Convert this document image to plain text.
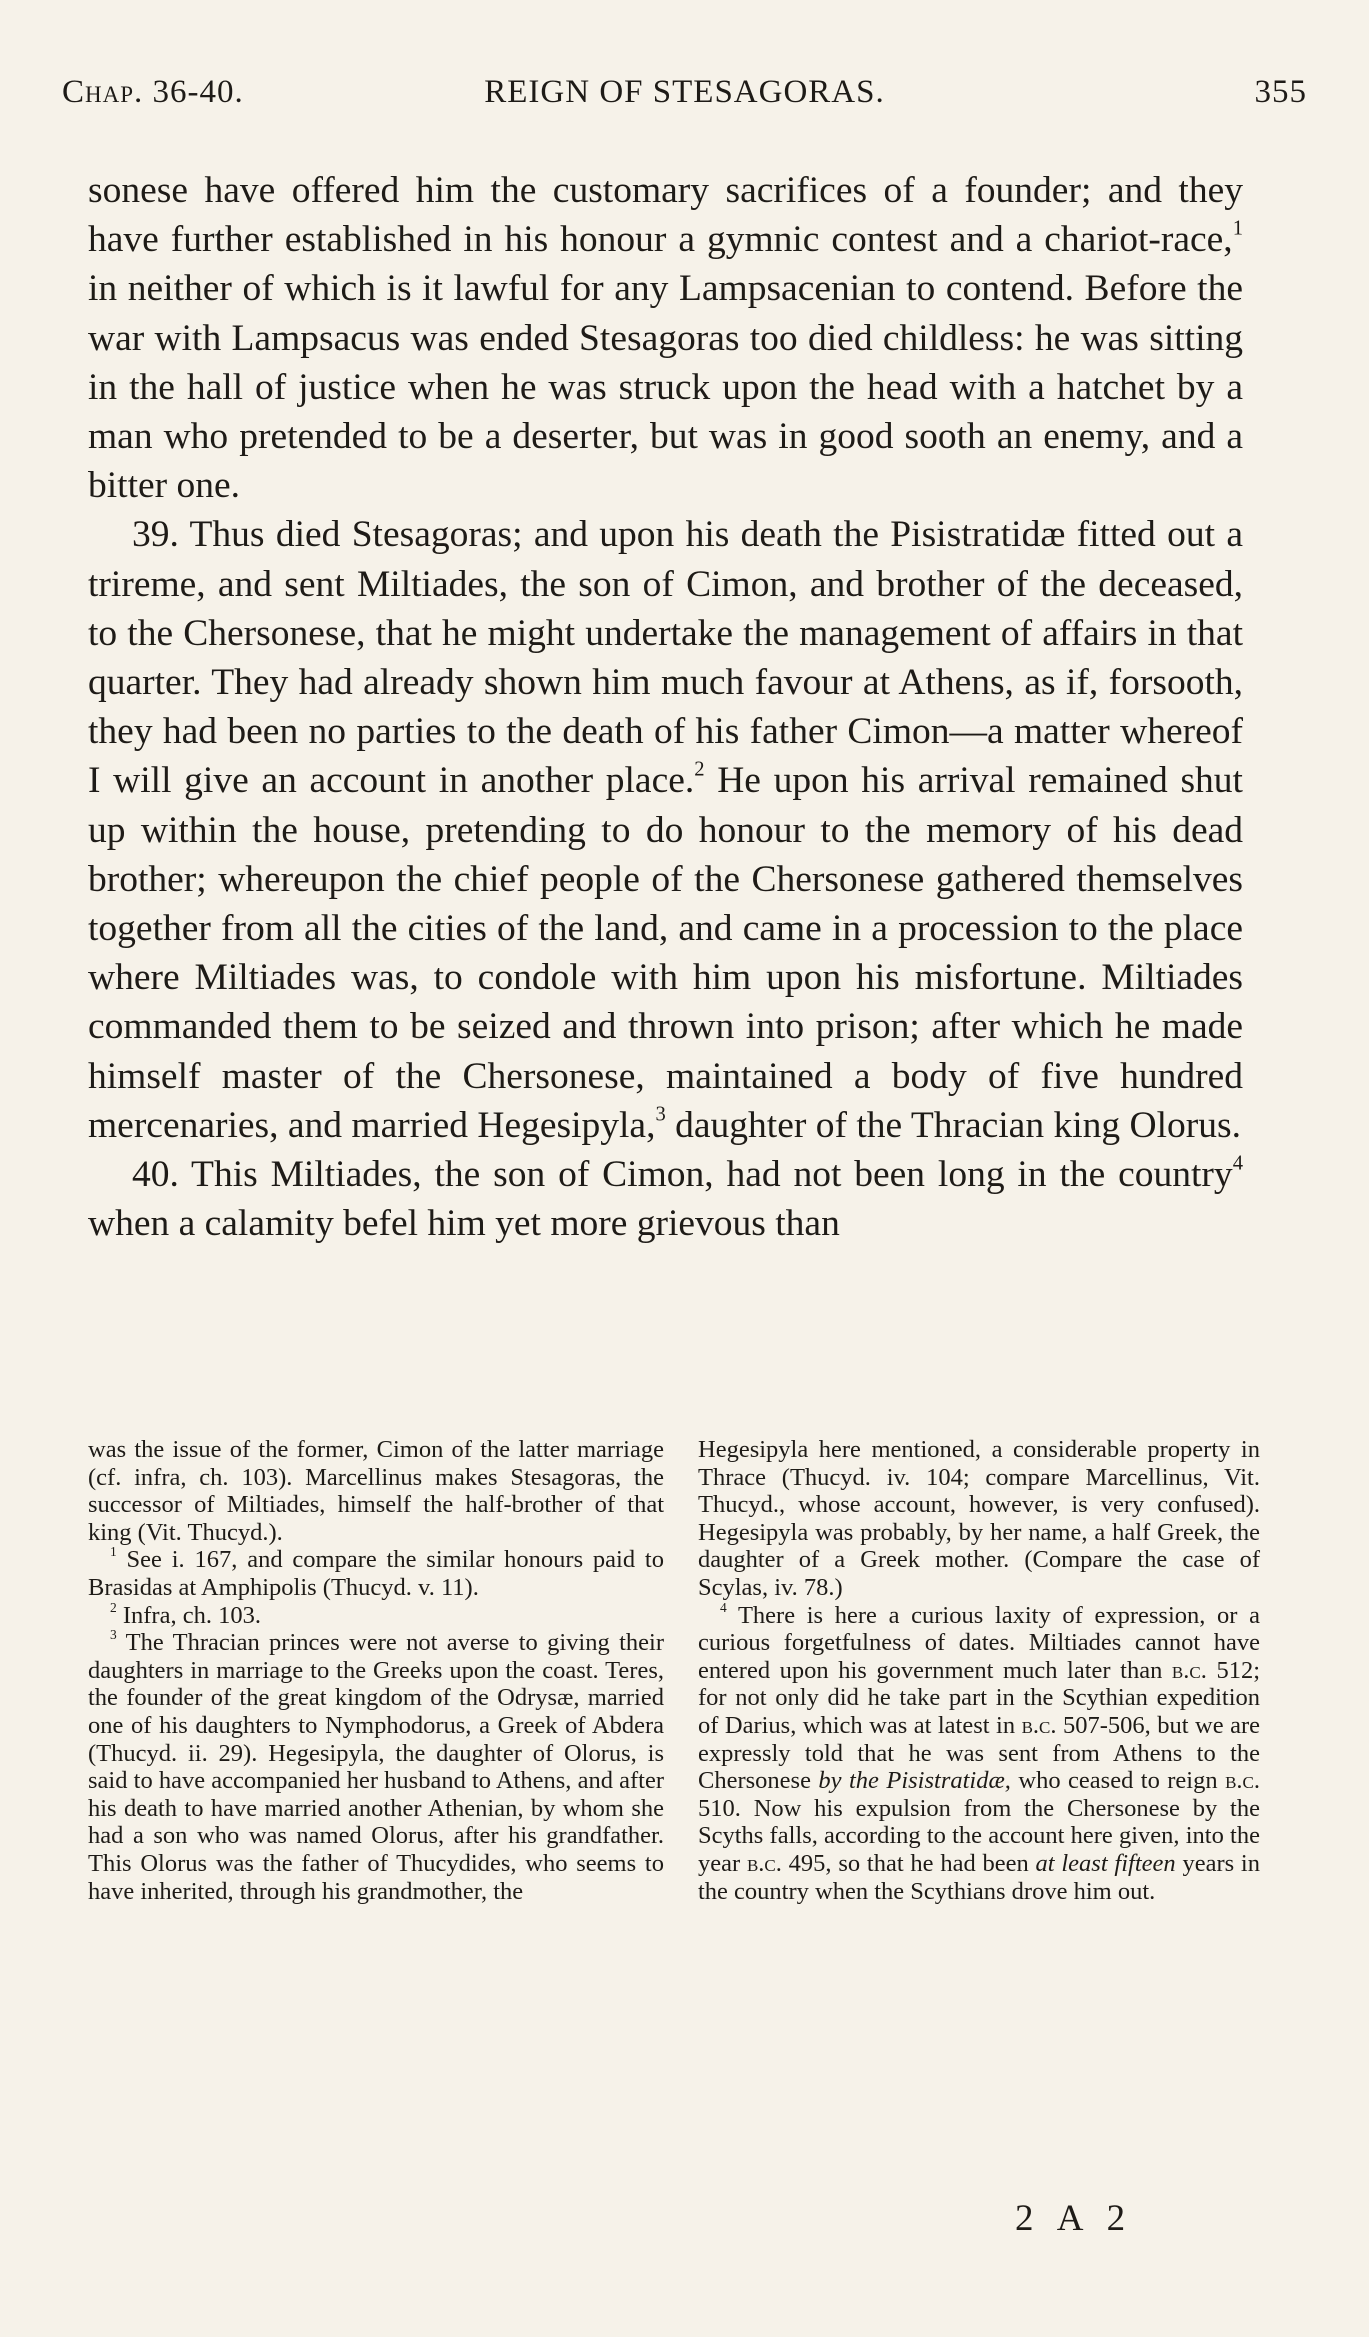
Chap. 36-40.	REIGN OF STESAGORAS.	355

sonese have offered him the customary sacrifices of a founder; and they have further established in his honour a gymnic contest and a chariot-race,$^1$ in neither of which is it lawful for any Lampsacenian to contend. Before the war with Lampsacus was ended Stesagoras too died childless: he was sitting in the hall of justice when he was struck upon the head with a hatchet by a man who pretended to be a deserter, but was in good sooth an enemy, and a bitter one.

39. Thus died Stesagoras; and upon his death the Pisistratidæ fitted out a trireme, and sent Miltiades, the son of Cimon, and brother of the deceased, to the Chersonese, that he might undertake the management of affairs in that quarter. They had already shown him much favour at Athens, as if, forsooth, they had been no parties to the death of his father Cimon—a matter whereof I will give an account in another place.$^2$ He upon his arrival remained shut up within the house, pretending to do honour to the memory of his dead brother; whereupon the chief people of the Chersonese gathered themselves together from all the cities of the land, and came in a procession to the place where Miltiades was, to condole with him upon his misfortune. Miltiades commanded them to be seized and thrown into prison; after which he made himself master of the Chersonese, maintained a body of five hundred mercenaries, and married Hegesipyla,$^3$ daughter of the Thracian king Olorus.

40. This Miltiades, the son of Cimon, had not been long in the country$^4$ when a calamity befel him yet more grievous than

was the issue of the former, Cimon of the latter marriage (cf. infra, ch. 103). Marcellinus makes Stesagoras, the successor of Miltiades, himself the half-brother of that king (Vit. Thucyd.).

$^1$ See i. 167, and compare the similar honours paid to Brasidas at Amphipolis (Thucyd. v. 11).

$^2$ Infra, ch. 103.

$^3$ The Thracian princes were not averse to giving their daughters in marriage to the Greeks upon the coast. Teres, the founder of the great kingdom of the Odrysæ, married one of his daughters to Nymphodorus, a Greek of Abdera (Thucyd. ii. 29). Hegesipyla, the daughter of Olorus, is said to have accompanied her husband to Athens, and after his death to have married another Athenian, by whom she had a son who was named Olorus, after his grandfather. This Olorus was the father of Thucydides, who seems to have inherited, through his grandmother, the

Hegesipyla here mentioned, a considerable property in Thrace (Thucyd. iv. 104; compare Marcellinus, Vit. Thucyd., whose account, however, is very confused). Hegesipyla was probably, by her name, a half Greek, the daughter of a Greek mother. (Compare the case of Scylas, iv. 78.)

$^4$ There is here a curious laxity of expression, or a curious forgetfulness of dates. Miltiades cannot have entered upon his government much later than b.c. 512; for not only did he take part in the Scythian expedition of Darius, which was at latest in b.c. 507-506, but we are expressly told that he was sent from Athens to the Chersonese by the Pisistratidæ, who ceased to reign b.c. 510. Now his expulsion from the Chersonese by the Scyths falls, according to the account here given, into the year b.c. 495, so that he had been at least fifteen years in the country when the Scythians drove him out.

2 A 2
